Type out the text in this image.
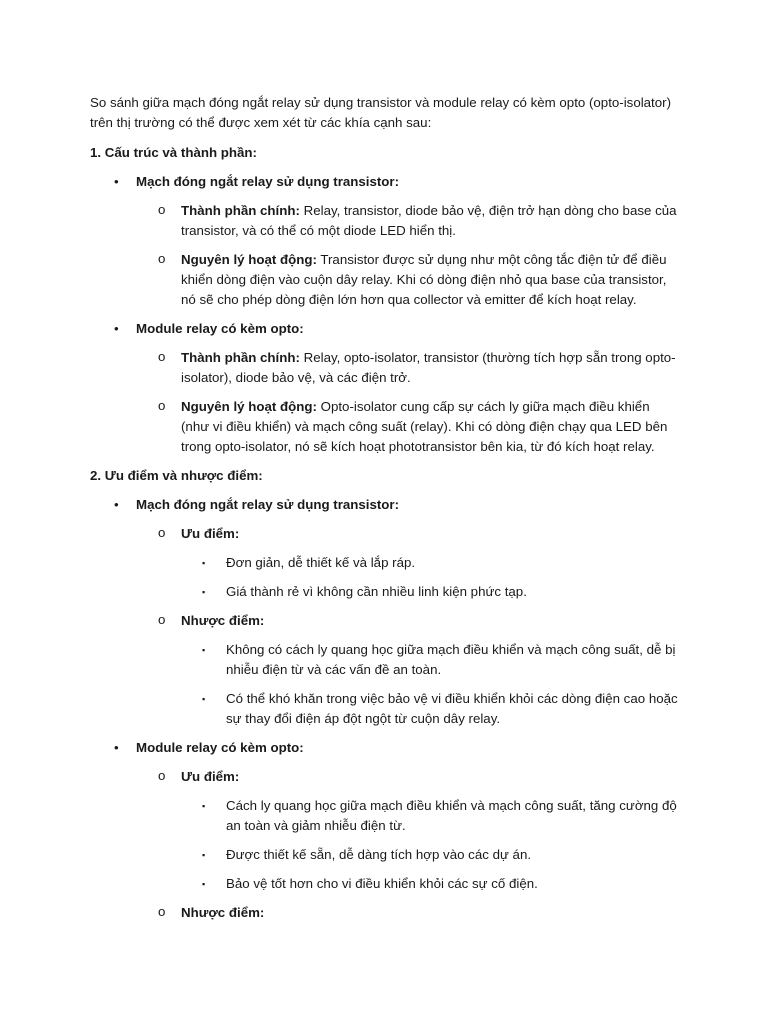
So sánh giữa mạch đóng ngắt relay sử dụng transistor và module relay có kèm opto (opto-isolator) trên thị trường có thể được xem xét từ các khía cạnh sau:

1. Cấu trúc và thành phần:

• Mạch đóng ngắt relay sử dụng transistor:
o Thành phần chính: Relay, transistor, diode bảo vệ, điện trở hạn dòng cho base của transistor, và có thể có một diode LED hiển thị.
o Nguyên lý hoạt động: Transistor được sử dụng như một công tắc điện tử để điều khiển dòng điện vào cuộn dây relay. Khi có dòng điện nhỏ qua base của transistor, nó sẽ cho phép dòng điện lớn hơn qua collector và emitter để kích hoạt relay.
• Module relay có kèm opto:
o Thành phần chính: Relay, opto-isolator, transistor (thường tích hợp sẵn trong opto-isolator), diode bảo vệ, và các điện trở.
o Nguyên lý hoạt động: Opto-isolator cung cấp sự cách ly giữa mạch điều khiển (như vi điều khiển) và mạch công suất (relay). Khi có dòng điện chạy qua LED bên trong opto-isolator, nó sẽ kích hoạt phototransistor bên kia, từ đó kích hoạt relay.

2. Ưu điểm và nhược điểm:

• Mạch đóng ngắt relay sử dụng transistor:
o Ưu điểm:
▪ Đơn giản, dễ thiết kế và lắp ráp.
▪ Giá thành rẻ vì không cần nhiều linh kiện phức tạp.
o Nhược điểm:
▪ Không có cách ly quang học giữa mạch điều khiển và mạch công suất, dễ bị nhiễu điện từ và các vấn đề an toàn.
▪ Có thể khó khăn trong việc bảo vệ vi điều khiển khỏi các dòng điện cao hoặc sự thay đổi điện áp đột ngột từ cuộn dây relay.
• Module relay có kèm opto:
o Ưu điểm:
▪ Cách ly quang học giữa mạch điều khiển và mạch công suất, tăng cường độ an toàn và giảm nhiễu điện từ.
▪ Được thiết kế sẵn, dễ dàng tích hợp vào các dự án.
▪ Bảo vệ tốt hơn cho vi điều khiển khỏi các sự cố điện.
o Nhược điểm:
